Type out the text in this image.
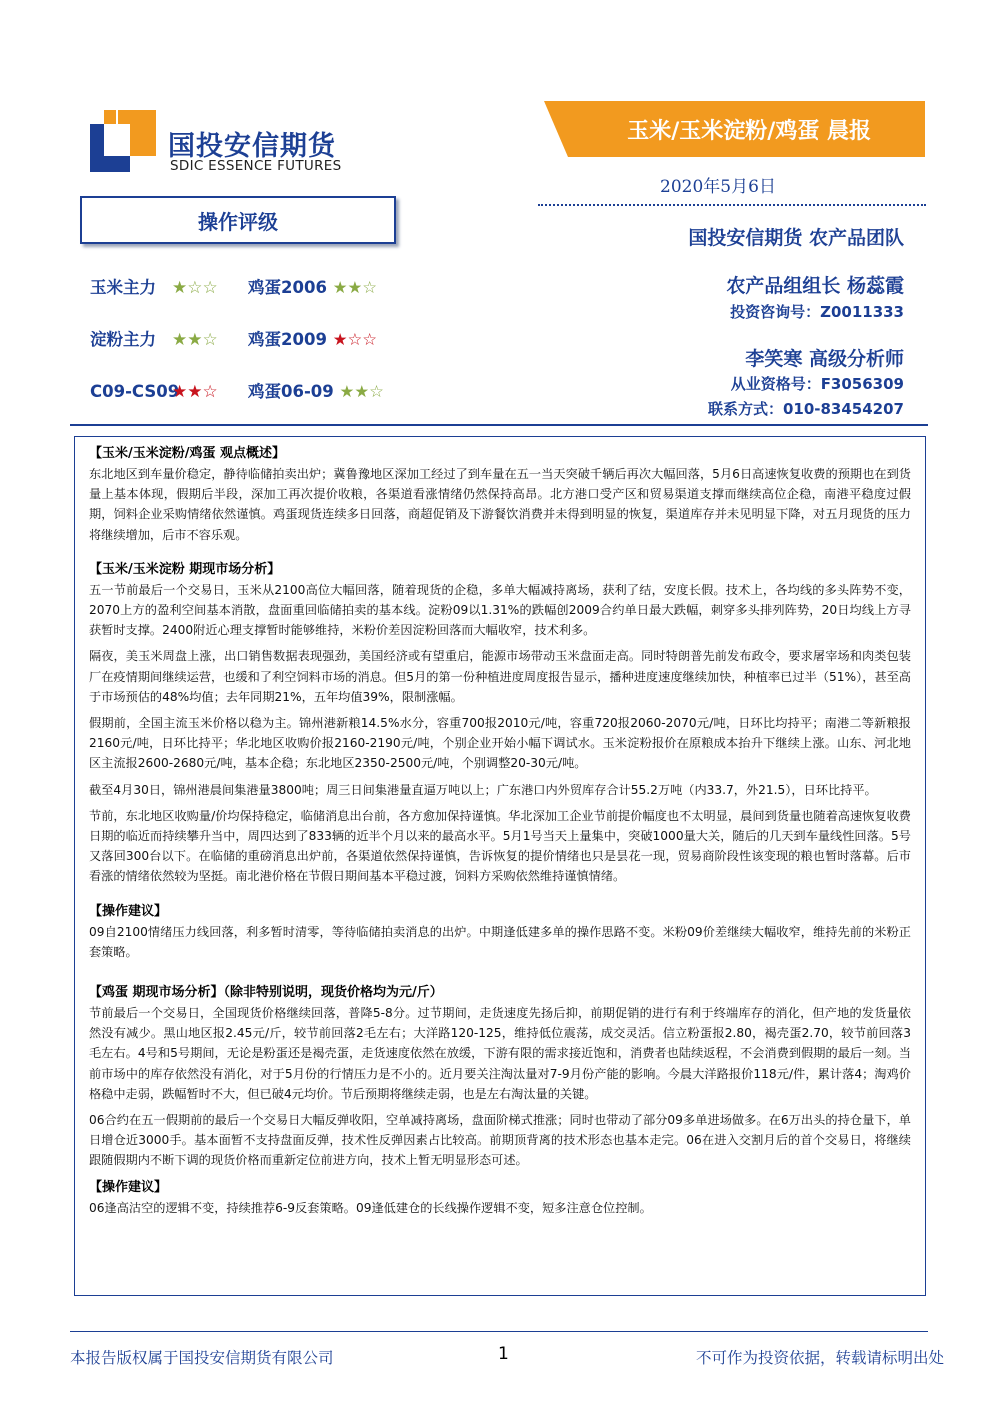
国投安信期货
SDIC ESSENCE FUTURES
操作评级
玉米主力 ★☆☆ 鸡蛋2006 ★★☆
淀粉主力 ★★☆ 鸡蛋2009 ★☆☆
C09-CS09★★☆ 鸡蛋06-09 ★★☆
玉米/玉米淀粉/鸡蛋 晨报
2020年5月6日
国投安信期货 农产品团队
农产品组组长 杨蕊霞
投资咨询号：Z0011333
李笑寒 高级分析师
从业资格号：F3056309
联系方式：010-83454207
【玉米/玉米淀粉/鸡蛋 观点概述】
东北地区到车量价稳定，静待临储拍卖出炉；冀鲁豫地区深加工经过了到车量在五一当天突破千辆后再次大幅回落，5月6日高速恢复收费的预期也在到货量上基本体现，假期后半段，深加工再次提价收粮，各渠道看涨情绪仍然保持高昂。北方港口受产区和贸易渠道支撑而继续高位企稳，南港平稳度过假期，饲料企业采购情绪依然谨慎。鸡蛋现货连续多日回落，商超促销及下游餐饮消费并未得到明显的恢复，渠道库存并未见明显下降，对五月现货的压力将继续增加，后市不容乐观。
【玉米/玉米淀粉 期现市场分析】
五一节前最后一个交易日，玉米从2100高位大幅回落，随着现货的企稳，多单大幅减持离场，获利了结，安度长假。技术上，各均线的多头阵势不变，2070上方的盈利空间基本消散，盘面重回临储拍卖的基本线。淀粉09以1.31%的跌幅创2009合约单日最大跌幅，刺穿多头排列阵势，20日均线上方寻获暂时支撑。2400附近心理支撑暂时能够维持，米粉价差因淀粉回落而大幅收窄，技术利多。
隔夜，美玉米周盘上涨，出口销售数据表现强劲，美国经济或有望重启，能源市场带动玉米盘面走高。同时特朗普先前发布政令，要求屠宰场和肉类包装厂在疫情期间继续运营，也缓和了利空饲料市场的消息。但5月的第一份种植进度周度报告显示，播种进度速度继续加快，种植率已过半（51%），甚至高于市场预估的48%均值；去年同期21%，五年均值39%，限制涨幅。
假期前，全国主流玉米价格以稳为主。锦州港新粮14.5%水分，容重700报2010元/吨，容重720报2060-2070元/吨，日环比均持平；南港二等新粮报2160元/吨，日环比持平；华北地区收购价报2160-2190元/吨，个别企业开始小幅下调试水。玉米淀粉报价在原粮成本抬升下继续上涨。山东、河北地区主流报2600-2680元/吨，基本企稳；东北地区2350-2500元/吨，个别调整20-30元/吨。
截至4月30日，锦州港晨间集港量3800吨；周三日间集港量直逼万吨以上；广东港口内外贸库存合计55.2万吨（内33.7，外21.5），日环比持平。
节前，东北地区收购量/价均保持稳定，临储消息出台前，各方愈加保持谨慎。华北深加工企业节前提价幅度也不太明显，晨间到货量也随着高速恢复收费日期的临近而持续攀升当中，周四达到了833辆的近半个月以来的最高水平。5月1号当天上量集中，突破1000量大关，随后的几天到车量线性回落。5号又落回300台以下。在临储的重磅消息出炉前，各渠道依然保持谨慎，告诉恢复的提价情绪也只是昙花一现，贸易商阶段性该变现的粮也暂时落幕。后市看涨的情绪依然较为坚挺。南北港价格在节假日期间基本平稳过渡，饲料方采购依然维持谨慎情绪。
【操作建议】
09自2100情绪压力线回落，利多暂时清零，等待临储拍卖消息的出炉。中期逢低建多单的操作思路不变。米粉09价差继续大幅收窄，维持先前的米粉正套策略。
【鸡蛋 期现市场分析】（除非特别说明，现货价格均为元/斤）
节前最后一个交易日，全国现货价格继续回落，普降5-8分。过节期间，走货速度先扬后抑，前期促销的进行有利于终端库存的消化，但产地的发货量依然没有减少。黑山地区报2.45元/斤，较节前回落2毛左右；大洋路120-125，维持低位震荡，成交灵活。信立粉蛋报2.80，褐壳蛋2.70，较节前回落3毛左右。4号和5号期间，无论是粉蛋还是褐壳蛋，走货速度依然在放缓，下游有限的需求接近饱和，消费者也陆续返程，不会消费到假期的最后一刻。当前市场中的库存依然没有消化，对于5月份的行情压力是不小的。近月要关注淘汰量对7-9月份产能的影响。今晨大洋路报价118元/件，累计落4；淘鸡价格稳中走弱，跌幅暂时不大，但已破4元均价。节后预期将继续走弱，也是左右淘汰量的关键。
06合约在五一假期前的最后一个交易日大幅反弹收阳，空单减持离场，盘面阶梯式推涨；同时也带动了部分09多单进场做多。在6万出头的持仓量下，单日增仓近3000手。基本面暂不支持盘面反弹，技术性反弹因素占比较高。前期顶背离的技术形态也基本走完。06在进入交割月后的首个交易日，将继续跟随假期内不断下调的现货价格而重新定位前进方向，技术上暂无明显形态可述。
【操作建议】
06逢高沽空的逻辑不变，持续推荐6-9反套策略。09逢低建仓的长线操作逻辑不变，短多注意仓位控制。
本报告版权属于国投安信期货有限公司	1	不可作为投资依据，转载请标明出处
